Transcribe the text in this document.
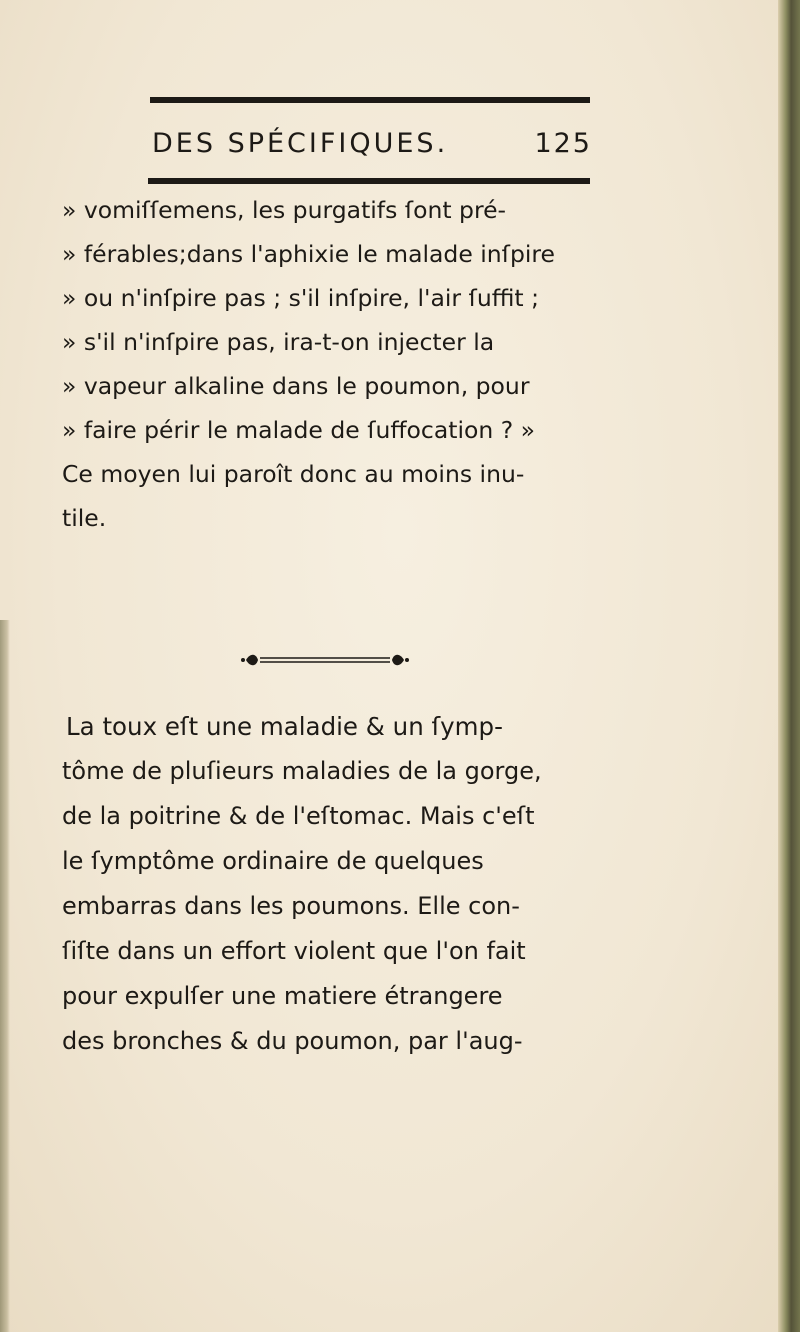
DES SPÉCIFIQUES.	125
» vomiſſemens, les purgatifs ſont pré-
» férables;dans l'aphixie le malade inſpire
» ou n'inſpire pas ; s'il inſpire, l'air ſuffit ;
» s'il n'inſpire pas, ira-t-on injecter la
» vapeur alkaline dans le poumon, pour
» faire périr le malade de ſuffocation ? »
Ce moyen lui paroît donc au moins inu-
tile.
La toux eſt une maladie & un ſymp-
tôme de pluſieurs maladies de la gorge,
de la poitrine & de l'eſtomac. Mais c'eſt
le ſymptôme ordinaire de quelques
embarras dans les poumons. Elle con-
ſiſte dans un effort violent que l'on fait
pour expulſer une matiere étrangere
des bronches & du poumon, par l'aug-
